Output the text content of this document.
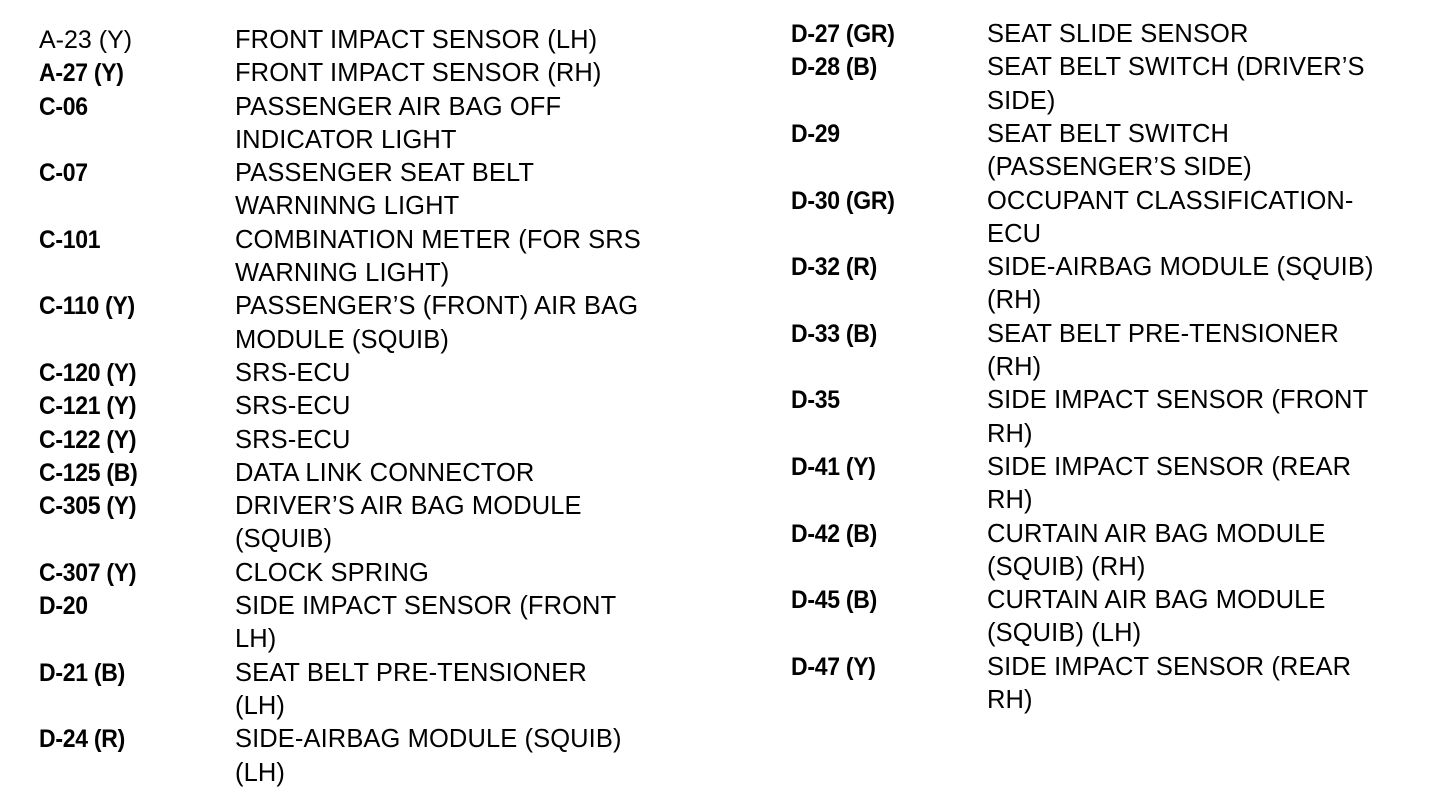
A-23 (Y)	FRONT IMPACT SENSOR (LH)
A-27 (Y)	FRONT IMPACT SENSOR (RH)
C-06	PASSENGER AIR BAG OFF
INDICATOR LIGHT
C-07	PASSENGER SEAT BELT
WARNINNG LIGHT
C-101	COMBINATION METER (FOR SRS
WARNING LIGHT)
C-110 (Y)	PASSENGER’S (FRONT) AIR BAG
MODULE (SQUIB)
C-120 (Y)	SRS-ECU
C-121 (Y)	SRS-ECU
C-122 (Y)	SRS-ECU
C-125 (B)	DATA LINK CONNECTOR
C-305 (Y)	DRIVER’S AIR BAG MODULE
(SQUIB)
C-307 (Y)	CLOCK SPRING
D-20	SIDE IMPACT SENSOR (FRONT
LH)
D-21 (B)	SEAT BELT PRE-TENSIONER
(LH)
D-24 (R)	SIDE-AIRBAG MODULE (SQUIB)
(LH)
D-27 (GR)	SEAT SLIDE SENSOR
D-28 (B)	SEAT BELT SWITCH (DRIVER’S
SIDE)
D-29	SEAT BELT SWITCH
(PASSENGER’S SIDE)
D-30 (GR)	OCCUPANT CLASSIFICATION-
ECU
D-32 (R)	SIDE-AIRBAG MODULE (SQUIB)
(RH)
D-33 (B)	SEAT BELT PRE-TENSIONER
(RH)
D-35	SIDE IMPACT SENSOR (FRONT
RH)
D-41 (Y)	SIDE IMPACT SENSOR (REAR
RH)
D-42 (B)	CURTAIN AIR BAG MODULE
(SQUIB) (RH)
D-45 (B)	CURTAIN AIR BAG MODULE
(SQUIB) (LH)
D-47 (Y)	SIDE IMPACT SENSOR (REAR
RH)
